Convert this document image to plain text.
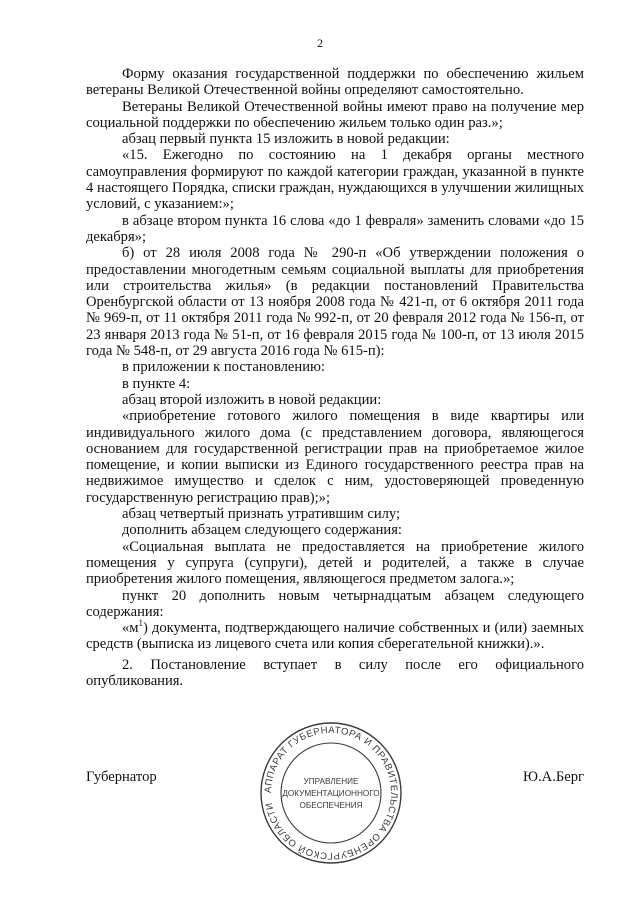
2

Форму оказания государственной поддержки по обеспечению жильем ветераны Великой Отечественной войны определяют самостоятельно.

Ветераны Великой Отечественной войны имеют право на получение мер социальной поддержки по обеспечению жильем только один раз.»;

абзац первый пункта 15 изложить в новой редакции:

«15. Ежегодно по состоянию на 1 декабря органы местного самоуправления формируют по каждой категории граждан, указанной в пункте 4 настоящего Порядка, списки граждан, нуждающихся в улучшении жилищных условий, с указанием:»;

в абзаце втором пункта 16 слова «до 1 февраля» заменить словами «до 15 декабря»;

б) от 28 июля 2008 года № 290-п «Об утверждении положения о предоставлении многодетным семьям социальной выплаты для приобретения или строительства жилья» (в редакции постановлений Правительства Оренбургской области от 13 ноября 2008 года № 421-п, от 6 октября 2011 года № 969-п, от 11 октября 2011 года № 992-п, от 20 февраля 2012 года № 156-п, от 23 января 2013 года № 51-п, от 16 февраля 2015 года № 100-п, от 13 июля 2015 года № 548-п, от 29 августа 2016 года № 615-п):

в приложении к постановлению:

в пункте 4:

абзац второй изложить в новой редакции:

«приобретение готового жилого помещения в виде квартиры или индивидуального жилого дома (с представлением договора, являющегося основанием для государственной регистрации прав на приобретаемое жилое помещение, и копии выписки из Единого государственного реестра прав на недвижимое имущество и сделок с ним, удостоверяющей проведенную государственную регистрацию прав);»;

абзац четвертый признать утратившим силу;

дополнить абзацем следующего содержания:

«Социальная выплата не предоставляется на приобретение жилого помещения у супруга (супруги), детей и родителей, а также в случае приобретения жилого помещения, являющегося предметом залога.»;

пункт 20 дополнить новым четырнадцатым абзацем следующего содержания:

«$м^1$) документа, подтверждающего наличие собственных и (или) заемных средств (выписка из лицевого счета или копия сберегательной книжки).».

2. Постановление вступает в силу после его официального опубликования.

АППАРАТ ГУБЕРНАТОРА И ПРАВИТЕЛЬСТВА ОРЕНБУРГСКОЙ ОБЛАСТИ
УПРАВЛЕНИЕ
ДОКУМЕНТАЦИОННОГО
ОБЕСПЕЧЕНИЯ
Губернатор	Ю.А.Берг
